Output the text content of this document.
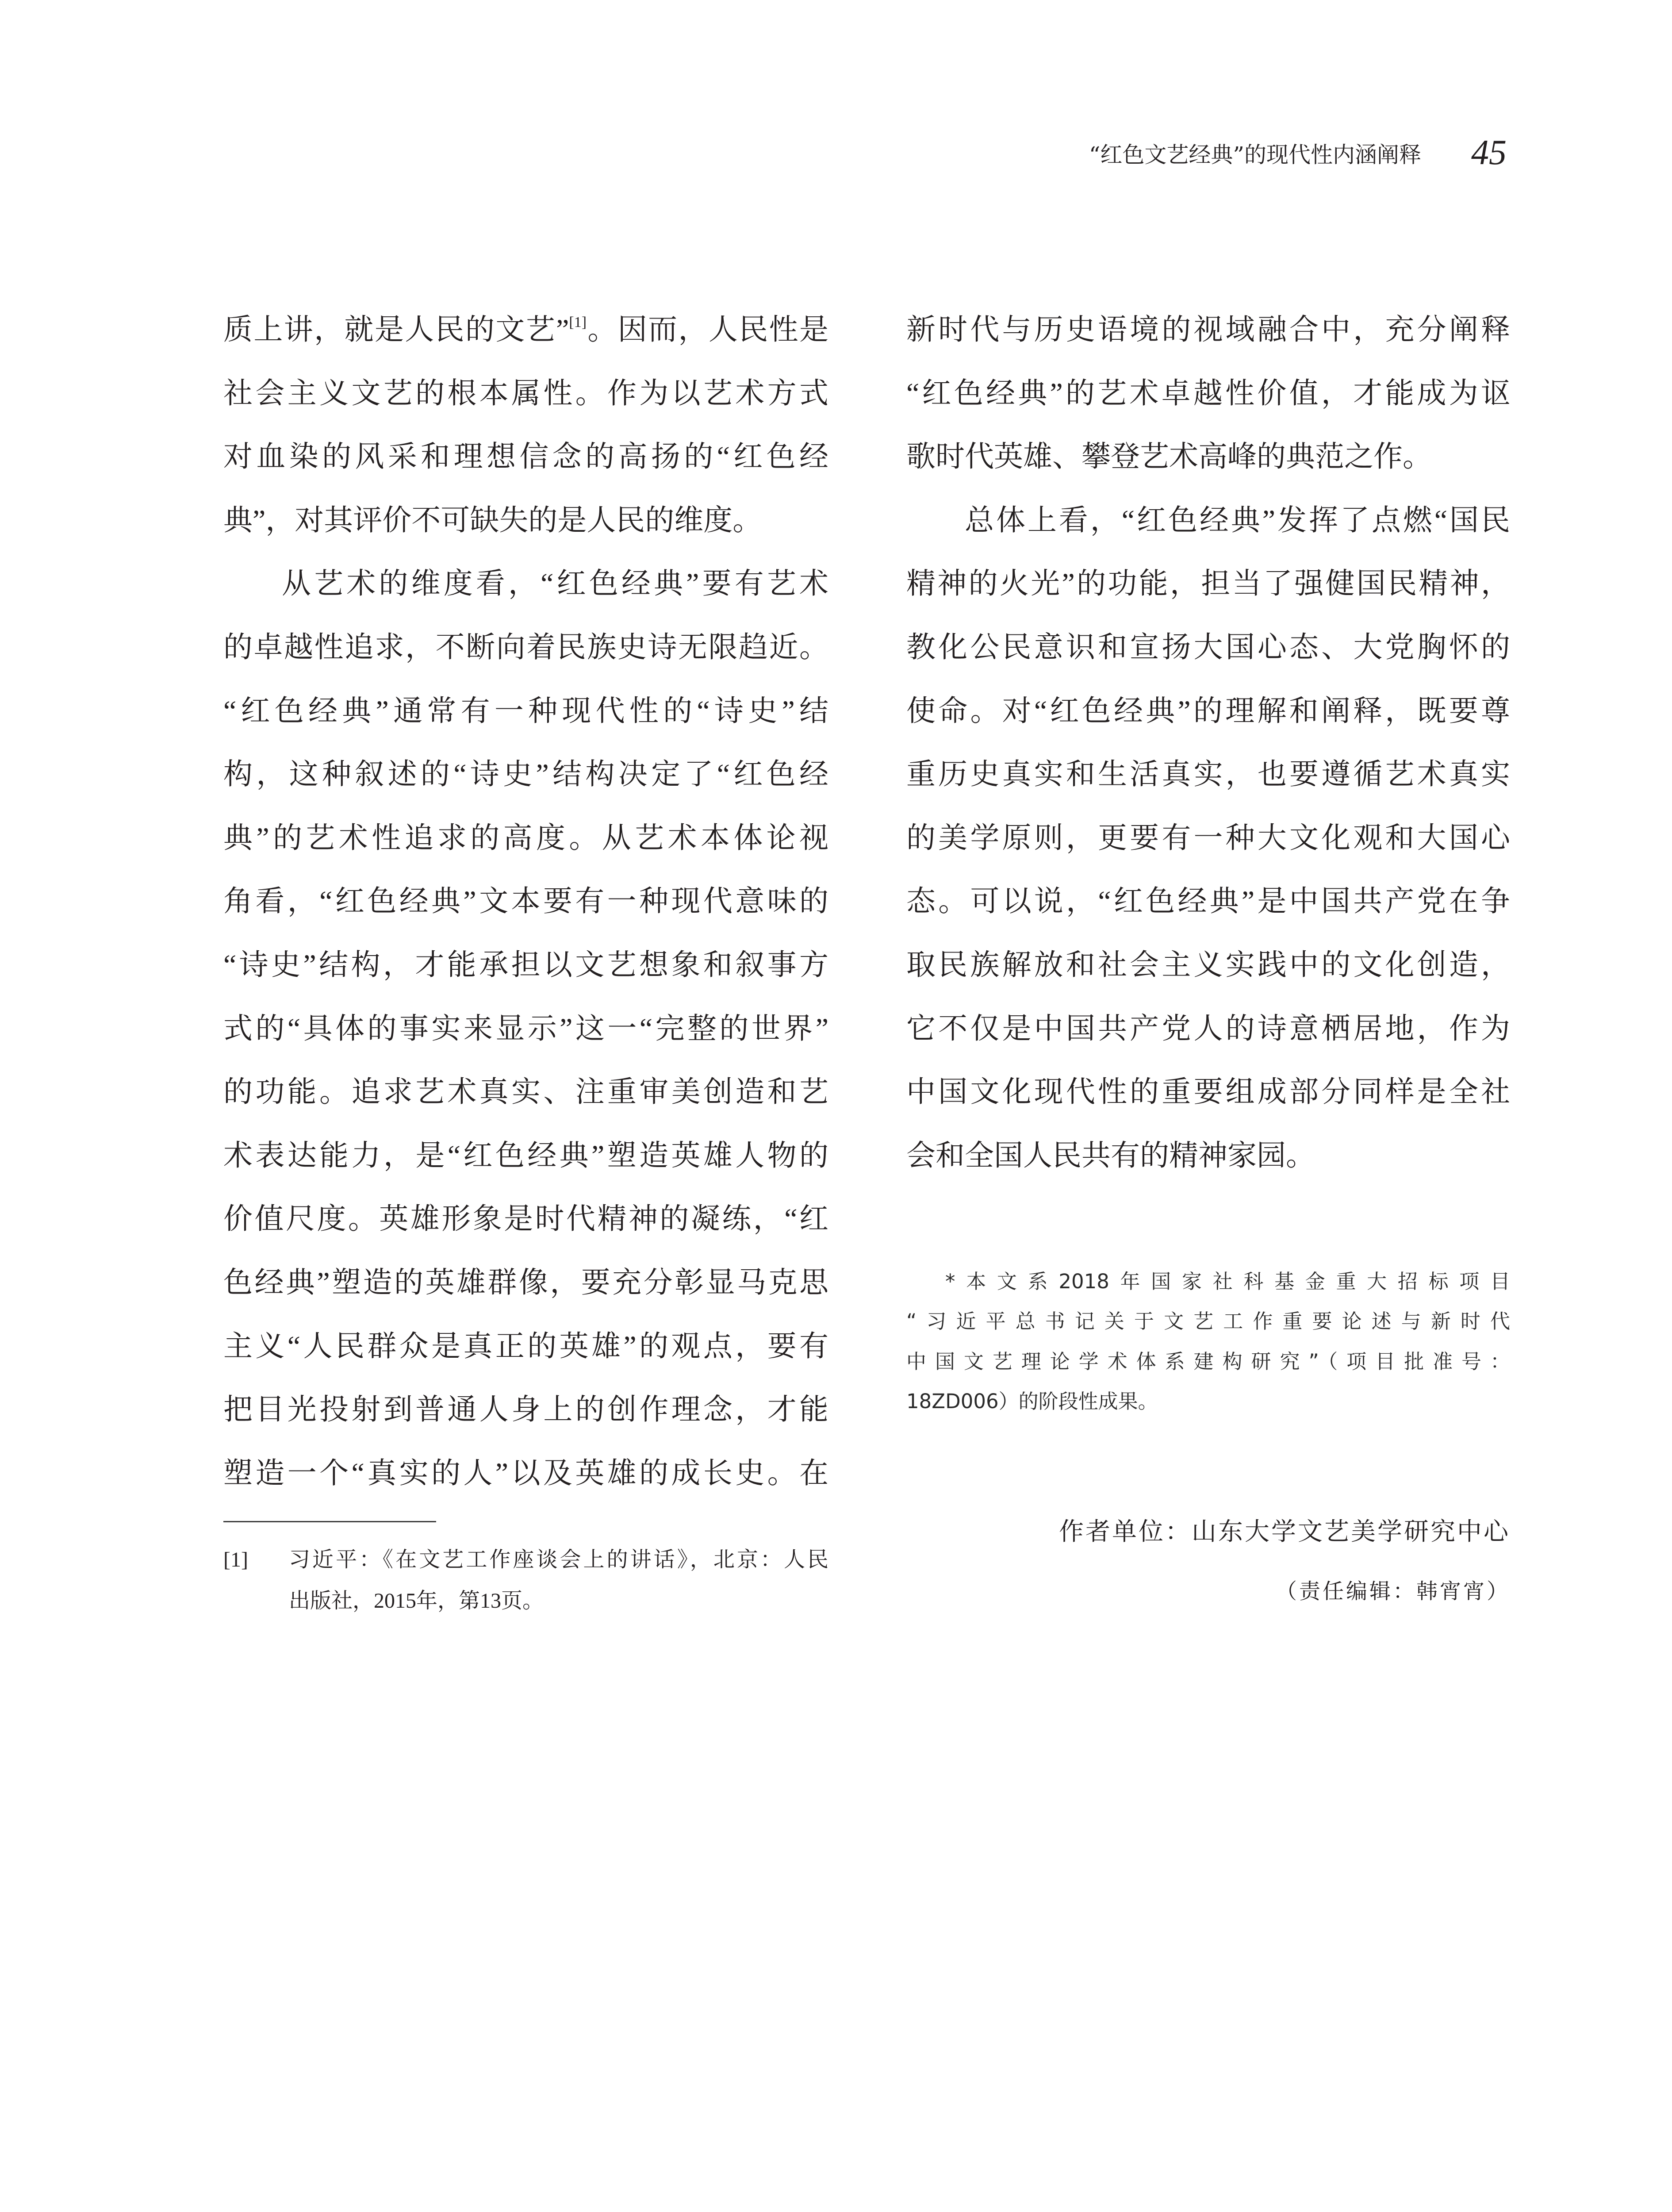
“红色文艺经典”的现代性内涵阐释 45
质上讲，就是人民的文艺”[1]。因而，人民性是
社会主义文艺的根本属性。作为以艺术方式
对血染的风采和理想信念的高扬的“红色经
典”，对其评价不可缺失的是人民的维度。
从艺术的维度看，“红色经典”要有艺术
的卓越性追求，不断向着民族史诗无限趋近。
“红色经典”通常有一种现代性的“诗史”结
构，这种叙述的“诗史”结构决定了“红色经
典”的艺术性追求的高度。从艺术本体论视
角看，“红色经典”文本要有一种现代意味的
“诗史”结构，才能承担以文艺想象和叙事方
式的“具体的事实来显示”这一“完整的世界”
的功能。追求艺术真实、注重审美创造和艺
术表达能力，是“红色经典”塑造英雄人物的
价值尺度。英雄形象是时代精神的凝练，“红
色经典”塑造的英雄群像，要充分彰显马克思
主义“人民群众是真正的英雄”的观点，要有
把目光投射到普通人身上的创作理念，才能
塑造一个“真实的人”以及英雄的成长史。在
新时代与历史语境的视域融合中，充分阐释
“红色经典”的艺术卓越性价值，才能成为讴
歌时代英雄、攀登艺术高峰的典范之作。
总体上看，“红色经典”发挥了点燃“国民
精神的火光”的功能，担当了强健国民精神，
教化公民意识和宣扬大国心态、大党胸怀的
使命。对“红色经典”的理解和阐释，既要尊
重历史真实和生活真实，也要遵循艺术真实
的美学原则，更要有一种大文化观和大国心
态。可以说，“红色经典”是中国共产党在争
取民族解放和社会主义实践中的文化创造，
它不仅是中国共产党人的诗意栖居地，作为
中国文化现代性的重要组成部分同样是全社
会和全国人民共有的精神家园。
*本文系2018年国家社科基金重大招标项目
“习近平总书记关于文艺工作重要论述与新时代
中国文艺理论学术体系建构研究”（项目批准号：
18ZD006）的阶段性成果。
作者单位：山东大学文艺美学研究中心
（责任编辑：韩宵宵）
[1] 习近平：《在文艺工作座谈会上的讲话》，北京：人民
出版社，2015年，第13页。
